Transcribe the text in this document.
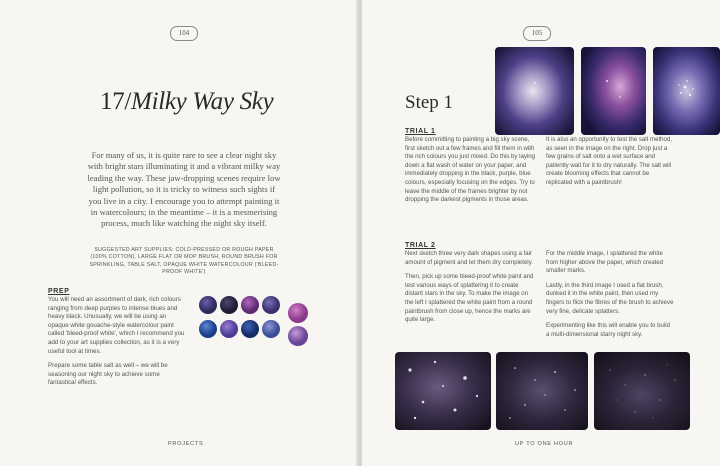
104
17/Milky Way Sky
For many of us, it is quite rare to see a clear night sky with bright stars illuminating it and a vibrant milky way leading the way. These jaw-dropping scenes require low light pollution, so it is tricky to witness such sights if you live in a city. I encourage you to attempt painting it in watercolours; in the meantime – it is a mesmerising process, much like watching the night sky itself.
SUGGESTED ART SUPPLIES: COLD-PRESSED OR ROUGH PAPER (100% COTTON), LARGE FLAT OR MOP BRUSH, ROUND BRUSH FOR SPRINKLING, TABLE SALT, OPAQUE WHITE WATERCOLOUR ('BLEED-PROOF WHITE')
PREP

You will need an assortment of dark, rich colours ranging from deep purples to intense blues and heavy black. Unusually, we will be using an opaque white gouache-style watercolour paint called 'bleed-proof white', which I recommend you add to your art supplies collection, as it is a very useful tool at times.

Prepare some table salt as well – we will be seasoning our night sky to achieve some fantastical effects.

PROJECTS
105
Step 1
TRIAL 1

Before committing to painting a big sky scene, first sketch out a few frames and fill them in with the rich colours you just mixed. Do this by laying down a flat wash of water on your paper, and immediately dropping in the black, purple, blue colours, especially focusing on the edges. Try to leave the middle of the frames brighter by not dropping the darkest pigments in those areas.

It is also an opportunity to test the salt method, as seen in the image on the right. Drop just a few grains of salt onto a wet surface and patiently wait for it to dry naturally. The salt will create blooming effects that cannot be replicated with a paintbrush!

TRIAL 2

Next sketch three very dark shapes using a fair amount of pigment and let them dry completely.

Then, pick up some bleed-proof white paint and test various ways of splattering it to create distant stars in the sky. To make the image on the left I splattered the white paint from a round paintbrush from close up, hence the marks are quite large.

For the middle image, I splattered the white from higher above the paper, which created smaller marks.

Lastly, in the third image I used a flat brush, dunked it in the white paint, then used my fingers to flick the fibres of the brush to achieve very fine, delicate splatters.

Experimenting like this will enable you to build a multi-dimensional starry night sky.

UP TO ONE HOUR
